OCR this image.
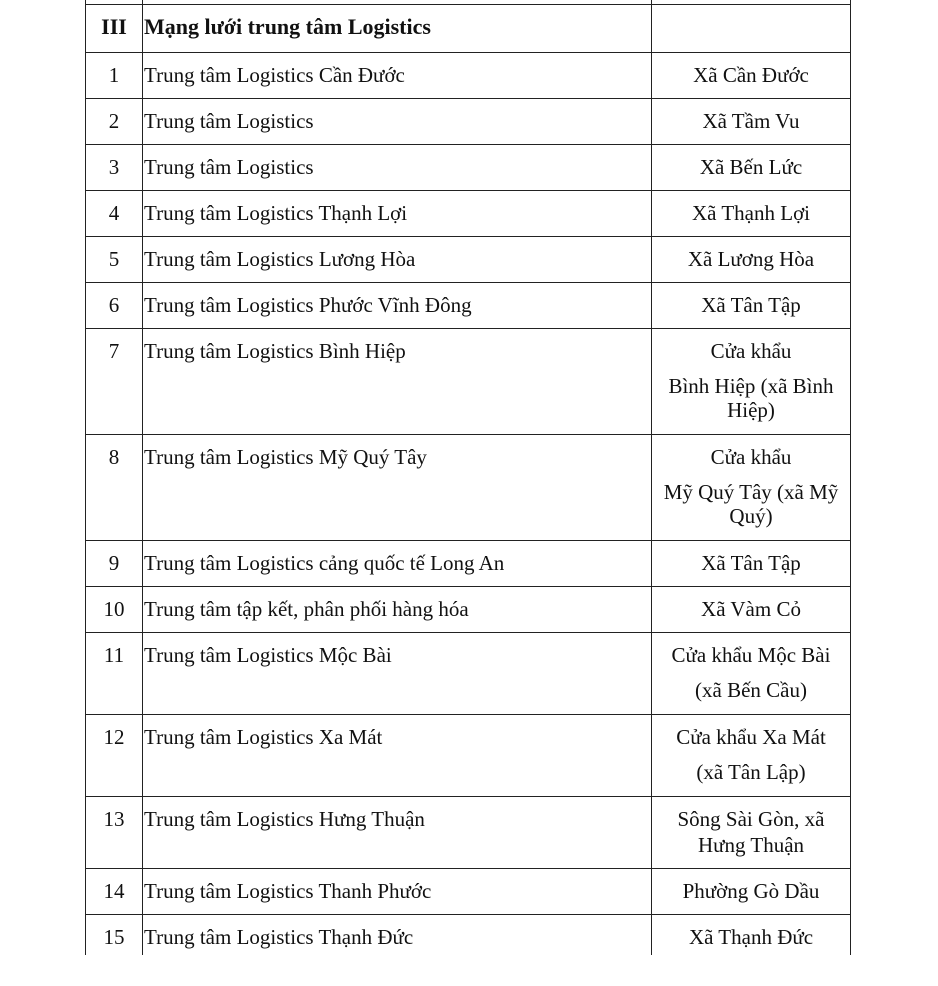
III	Mạng lưới trung tâm Logistics	

1	Trung tâm Logistics Cần Đước	Xã Cần Đước

2	Trung tâm Logistics	Xã Tầm Vu

3	Trung tâm Logistics	Xã Bến Lức

4	Trung tâm Logistics Thạnh Lợi	Xã Thạnh Lợi

5	Trung tâm Logistics Lương Hòa	Xã Lương Hòa

6	Trung tâm Logistics Phước Vĩnh Đông	Xã Tân Tập

7	Trung tâm Logistics Bình Hiệp	Cửa khẩu
Bình Hiệp (xã Bình Hiệp)

8	Trung tâm Logistics Mỹ Quý Tây	Cửa khẩu
Mỹ Quý Tây (xã Mỹ Quý)

9	Trung tâm Logistics cảng quốc tế Long An	Xã Tân Tập

10	Trung tâm tập kết, phân phối hàng hóa	Xã Vàm Cỏ

11	Trung tâm Logistics Mộc Bài	Cửa khẩu Mộc Bài
(xã Bến Cầu)

12	Trung tâm Logistics Xa Mát	Cửa khẩu Xa Mát
(xã Tân Lập)

13	Trung tâm Logistics Hưng Thuận	Sông Sài Gòn, xã Hưng Thuận

14	Trung tâm Logistics Thanh Phước	Phường Gò Dầu

15	Trung tâm Logistics Thạnh Đức	Xã Thạnh Đức
